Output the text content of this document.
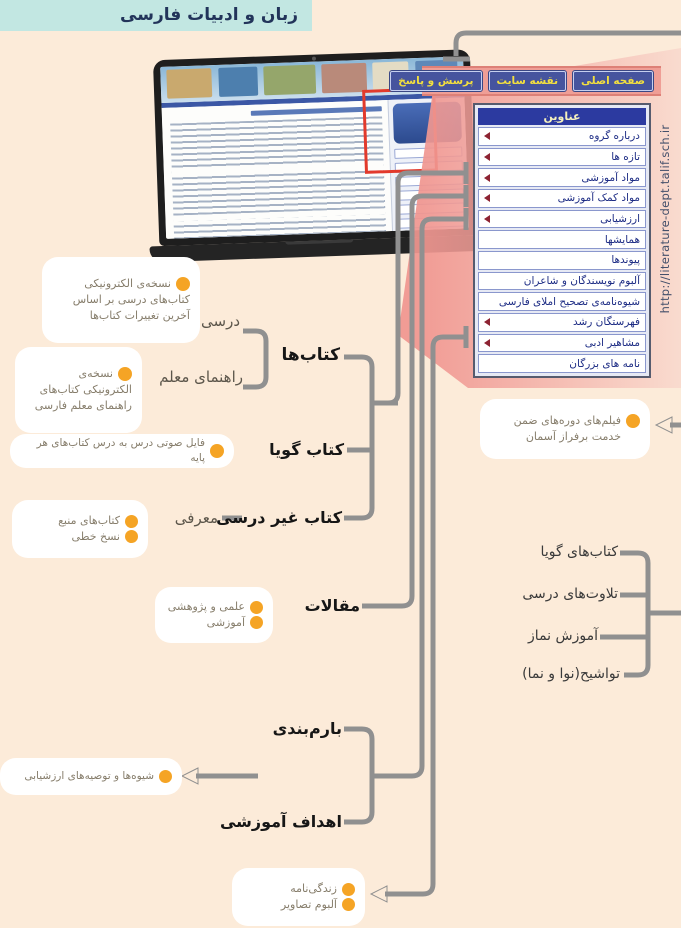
زبان و ادبیات فارسی
صفحه اصلی
نقشه سایت
پرسش و پاسخ
عناوین
درباره گروه
تازه ها
مواد آموزشی
مواد کمک آموزشی
ارزشیابی
همایشها
پیوندها
آلبوم نویسندگان و شاعران
شیوه‌نامه‌ی تصحیح املای فارسی
فهرستگان رشد
مشاهیر ادبی
نامه های بزرگان
http://literature-dept.talif.sch.ir
نسخه‌ی الکترونیکی
کتاب‌های درسی بر اساس
آخرین تغییرات کتاب‌ها
نسخه‌ی
الکترونیکی کتاب‌های
راهنمای معلم فارسی
فایل صوتی درس به درس کتاب‌های هر پایه
کتاب‌های منبع
نسخ خطی
علمی و پژوهشی
آموزشی
فیلم‌های دوره‌های ضمن
خدمت برفراز آسمان
شیوه‌ها و توصیه‌های ارزشیابی
زندگی‌نامه
آلبوم تصاویر
درسی
راهنمای معلم
کتاب‌ها
کتاب گویا
کتاب غیر درسی
معرفی
مقالات
بارم‌بندی
اهداف آموزشی
کتاب‌های گویا
تلاوت‌های درسی
آموزش نماز
تواشیح(نوا و نما)
